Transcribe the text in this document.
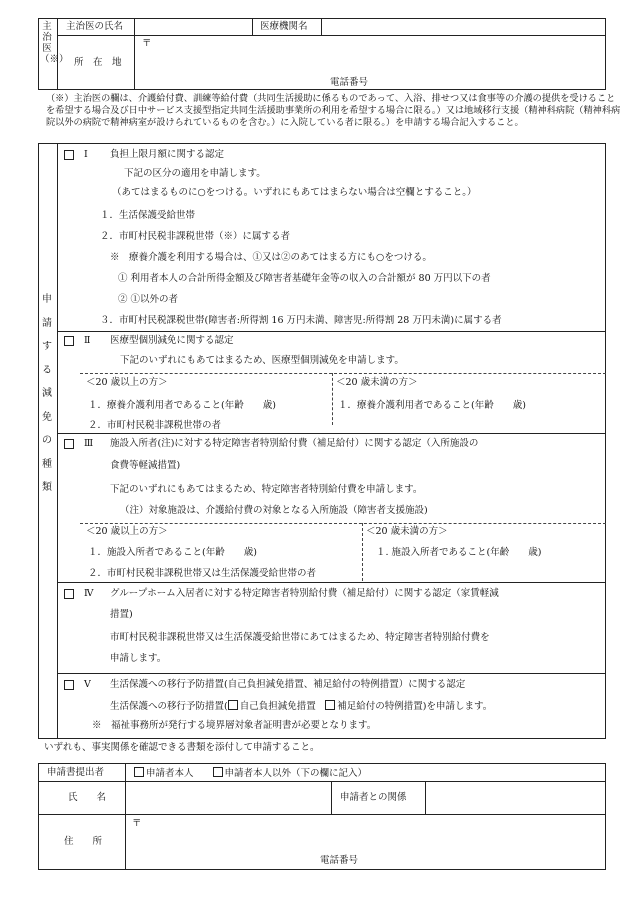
主治医（※）
主治医の氏名	医療機関名
所　在　地
〒
電話番号
（※）主治医の欄は、介護給付費、訓練等給付費（共同生活援助に係るものであって、入浴、排せつ又は食事等の介護の提供を受けることを希望する場合及び日中サービス支援型指定共同生活援助事業所の利用を希望する場合に限る。）又は地域移行支援（精神科病院（精神科病院以外の病院で精神病室が設けられているものを含む。）に入院している者に限る。）を申請する場合記入すること。
申請する減免の種類
Ⅰ 負担上限月額に関する認定
下記の区分の適用を申請します。
（あてはまるものに○をつける。いずれにもあてはまらない場合は空欄とすること。）
１．生活保護受給世帯
２．市町村民税非課税世帯（※）に属する者
※　 療養介護を利用する場合は、①又は②のあてはまる方にも○をつける。
① 利用者本人の合計所得金額及び障害者基礎年金等の収入の合計額が 80 万円以下の者
② ①以外の者
３．市町村民税課税世帯(障害者:所得割 16 万円未満、障害児:所得割 28 万円未満)に属する者
Ⅱ 医療型個別減免に関する認定
下記のいずれにもあてはまるため、医療型個別減免を申請します。
＜20 歳以上の方＞	＜20 歳未満の方＞
１．療養介護利用者であること(年齢　　歳)	１．療養介護利用者であること(年齢　　歳)
２．市町村民税非課税世帯の者
Ⅲ 施設入所者(注)に対する特定障害者特別給付費（補足給付）に関する認定（入所施設の
食費等軽減措置)
下記のいずれにもあてはまるため、特定障害者特別給付費を申請します。
（注）対象施設は、介護給付費の対象となる入所施設（障害者支援施設)
＜20 歳以上の方＞	＜20 歳未満の方＞
１．施設入所者であること(年齢　　歳)	１. 施設入所者であること(年齢　　歳)
２．市町村民税非課税世帯又は生活保護受給世帯の者
Ⅳ グループホーム入居者に対する特定障害者特別給付費（補足給付）に関する認定（家賃軽減
措置)
市町村民税非課税世帯又は生活保護受給世帯にあてはまるため、特定障害者特別給付費を
申請します。
Ⅴ 生活保護への移行予防措置(自己負担減免措置、補足給付の特例措置）に関する認定
生活保護への移行予防措置( 自己負担減免措置　 補足給付の特例措置)を申請します。
※　 福祉事務所が発行する境界層対象者証明書が必要となります。
いずれも、事実関係を確認できる書類を添付して申請すること。
申請書提出者	申請者本人　　	申請者本人以外（下の欄に記入）
氏　　名	申請者との関係
住　　所
〒
電話番号
